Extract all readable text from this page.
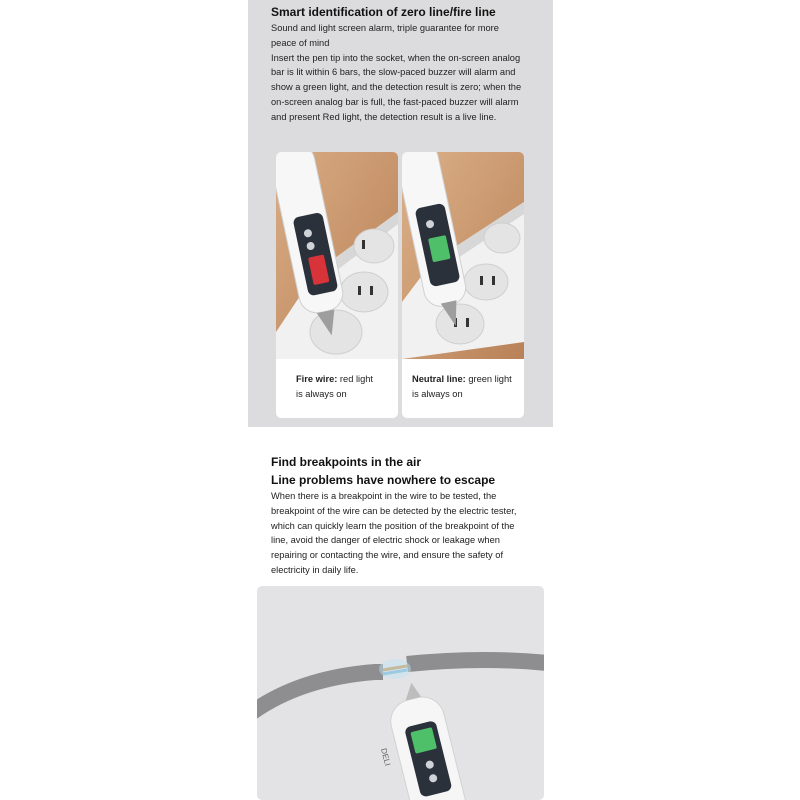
Smart identification of zero line/fire line
Sound and light screen alarm, triple guarantee for more
peace of mind
Insert the pen tip into the socket, when the on-screen analog
bar is lit within 6 bars, the slow-paced buzzer will alarm and
show a green light, and the detection result is zero; when the
on-screen analog bar is full, the fast-paced buzzer will alarm
and present Red light, the detection result is a live line.
Fire wire: red light
is always on
Neutral line: green light
is always on
Find breakpoints in the air
Line problems have nowhere to escape
When there is a breakpoint in the wire to be tested, the
breakpoint of the wire can be detected by the electric tester,
which can quickly learn the position of the breakpoint of the
line, avoid the danger of electric shock or leakage when
repairing or contacting the wire, and ensure the safety of
electricity in daily life.
DELI
